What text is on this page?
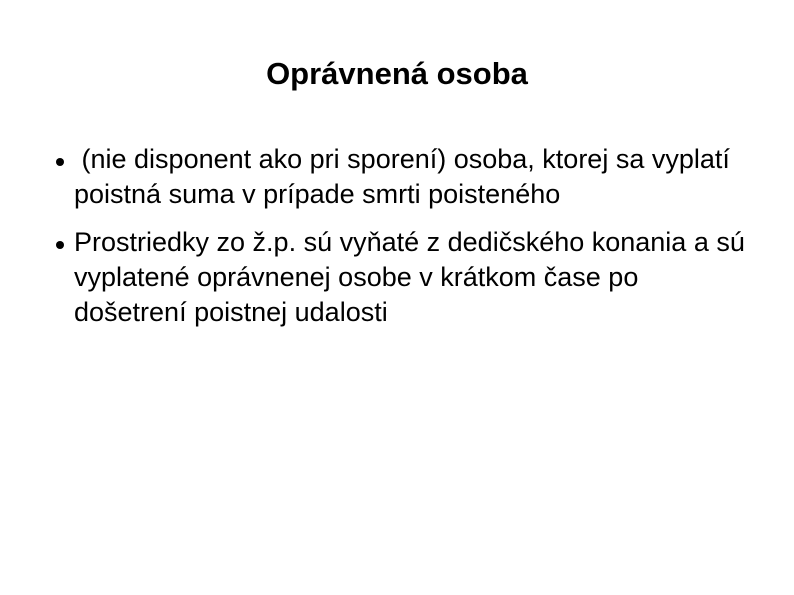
Oprávnená osoba
(nie disponent ako pri sporení) osoba, ktorej sa vyplatí  poistná suma v prípade smrti poisteného
Prostriedky zo ž.p. sú vyňaté z dedičského konania a sú vyplatené oprávnenej osobe v krátkom čase po došetrení poistnej udalosti
